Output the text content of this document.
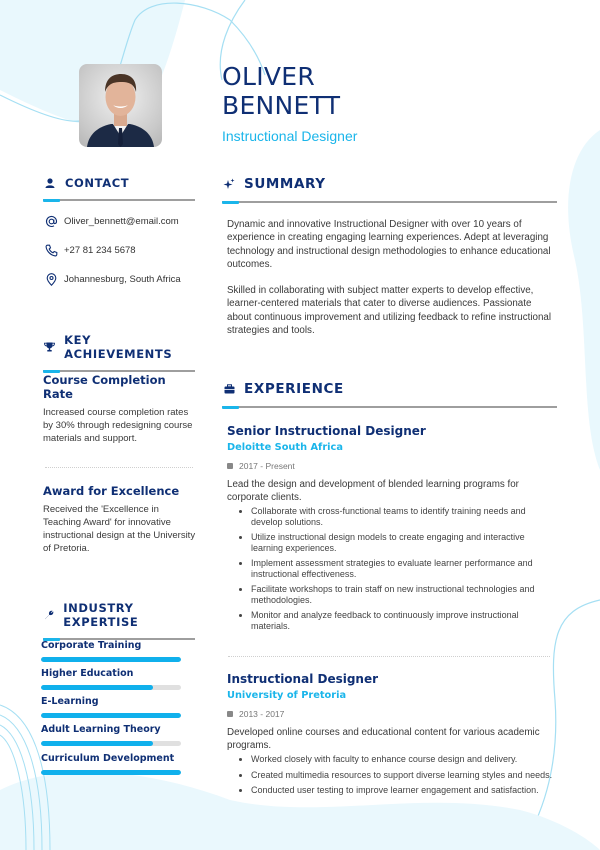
OLIVER
BENNETT
Instructional Designer
CONTACT
Oliver_bennett@email.com
+27 81 234 5678
Johannesburg, South Africa
KEY ACHIEVEMENTS
Course Completion Rate

Increased course completion rates by 30% through redesigning course materials and support.

Award for Excellence

Received the 'Excellence in Teaching Award' for innovative instructional design at the University of Pretoria.

INDUSTRY EXPERTISE
Corporate Training
Higher Education
E-Learning
Adult Learning Theory
Curriculum Development
SUMMARY

Dynamic and innovative Instructional Designer with over 10 years of experience in creating engaging learning experiences. Adept at leveraging technology and instructional design methodologies to enhance educational outcomes.

Skilled in collaborating with subject matter experts to develop effective, learner-centered materials that cater to diverse audiences. Passionate about continuous improvement and utilizing feedback to refine instructional strategies and tools.

EXPERIENCE
Senior Instructional Designer
Deloitte South Africa
2017 - Present
Lead the design and development of blended learning programs for corporate clients.
Collaborate with cross-functional teams to identify training needs and develop solutions.
Utilize instructional design models to create engaging and interactive learning experiences.
Implement assessment strategies to evaluate learner performance and instructional effectiveness.
Facilitate workshops to train staff on new instructional technologies and methodologies.
Monitor and analyze feedback to continuously improve instructional materials.
Instructional Designer
University of Pretoria
2013 - 2017
Developed online courses and educational content for various academic programs.
Worked closely with faculty to enhance course design and delivery.
Created multimedia resources to support diverse learning styles and needs.
Conducted user testing to improve learner engagement and satisfaction.
